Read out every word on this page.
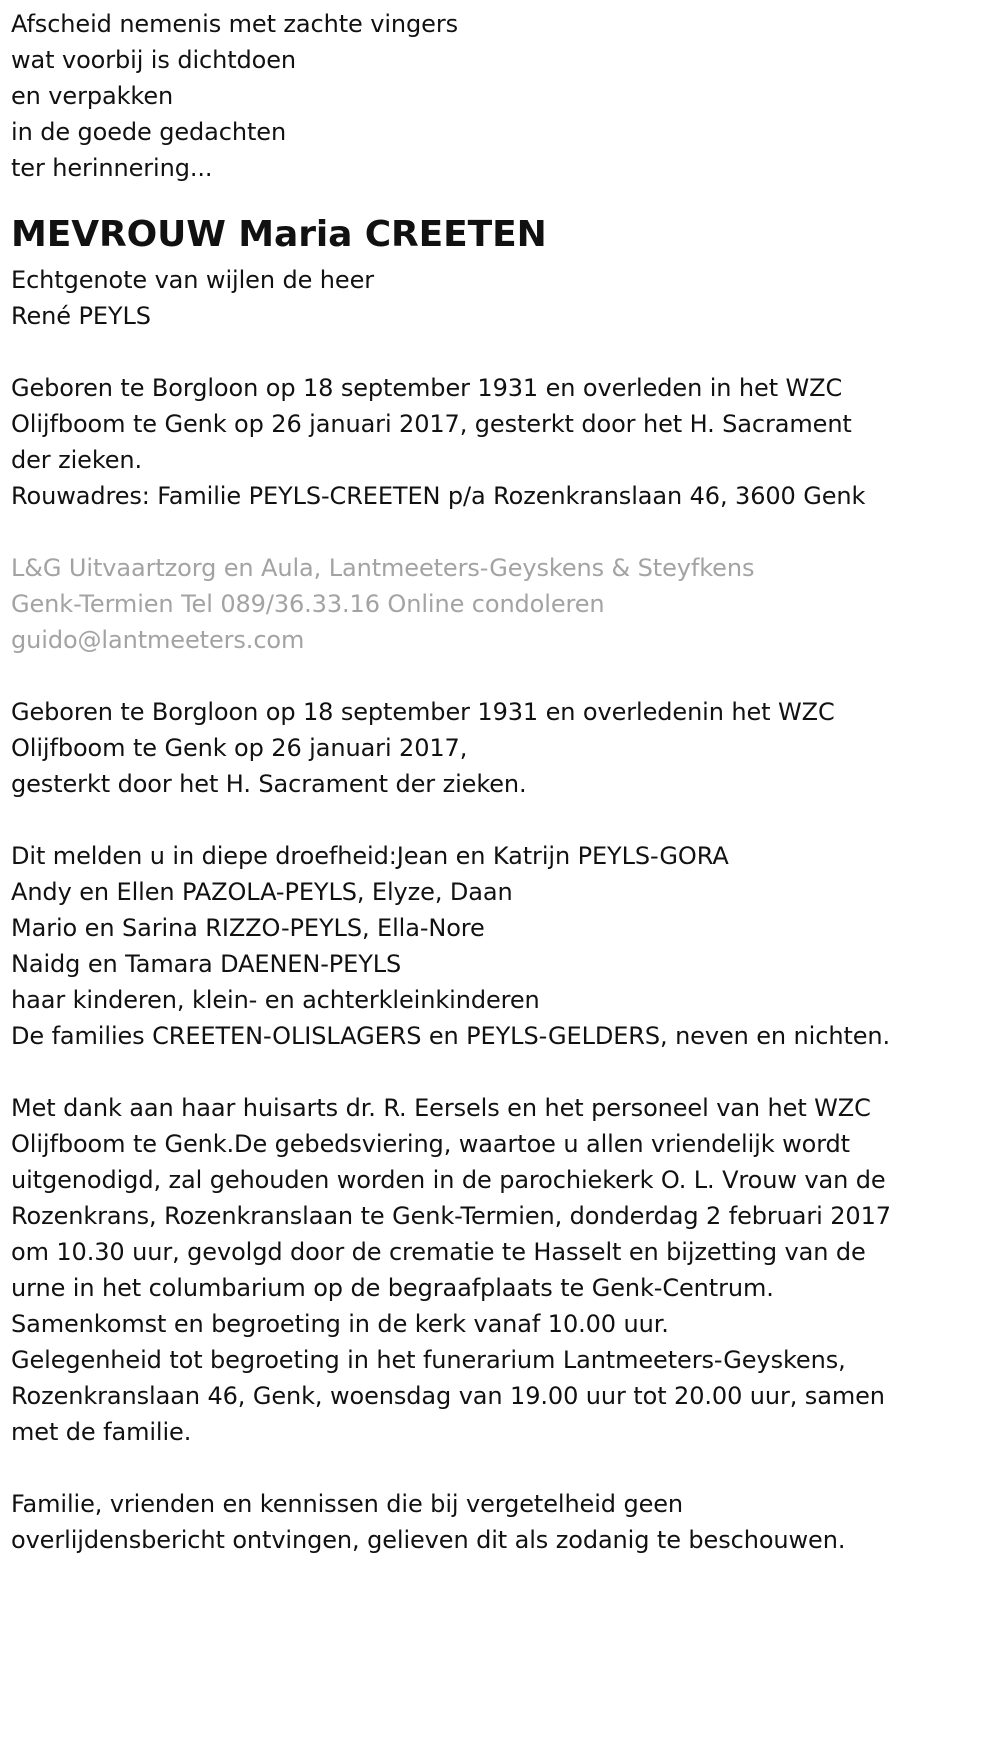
Afscheid nemenis met zachte vingers
wat voorbij is dichtdoen
en verpakken
in de goede gedachten
ter herinnering...
MEVROUW Maria CREETEN
Echtgenote van wijlen de heer
René PEYLS
Geboren te Borgloon op 18 september 1931 en overleden in het WZC
Olijfboom te Genk op 26 januari 2017, gesterkt door het H. Sacrament
der zieken.
Rouwadres: Familie PEYLS-CREETEN p/a Rozenkranslaan 46, 3600 Genk
L&G Uitvaartzorg en Aula, Lantmeeters-Geyskens & Steyfkens
Genk-Termien Tel 089/36.33.16 Online condoleren
guido@lantmeeters.com
Geboren te Borgloon op 18 september 1931 en overledenin het WZC
Olijfboom te Genk op 26 januari 2017,
gesterkt door het H. Sacrament der zieken.
Dit melden u in diepe droefheid:Jean en Katrijn PEYLS-GORA
Andy en Ellen PAZOLA-PEYLS, Elyze, Daan
Mario en Sarina RIZZO-PEYLS, Ella-Nore
Naidg en Tamara DAENEN-PEYLS
haar kinderen, klein- en achterkleinkinderen
De families CREETEN-OLISLAGERS en PEYLS-GELDERS, neven en nichten.
Met dank aan haar huisarts dr. R. Eersels en het personeel van het WZC
Olijfboom te Genk.De gebedsviering, waartoe u allen vriendelijk wordt
uitgenodigd, zal gehouden worden in de parochiekerk O. L. Vrouw van de
Rozenkrans, Rozenkranslaan te Genk-Termien, donderdag 2 februari 2017
om 10.30 uur, gevolgd door de crematie te Hasselt en bijzetting van de
urne in het columbarium op de begraafplaats te Genk-Centrum.
Samenkomst en begroeting in de kerk vanaf 10.00 uur.
Gelegenheid tot begroeting in het funerarium Lantmeeters-Geyskens,
Rozenkranslaan 46, Genk, woensdag van 19.00 uur tot 20.00 uur, samen
met de familie.
Familie, vrienden en kennissen die bij vergetelheid geen
overlijdensbericht ontvingen, gelieven dit als zodanig te beschouwen.
